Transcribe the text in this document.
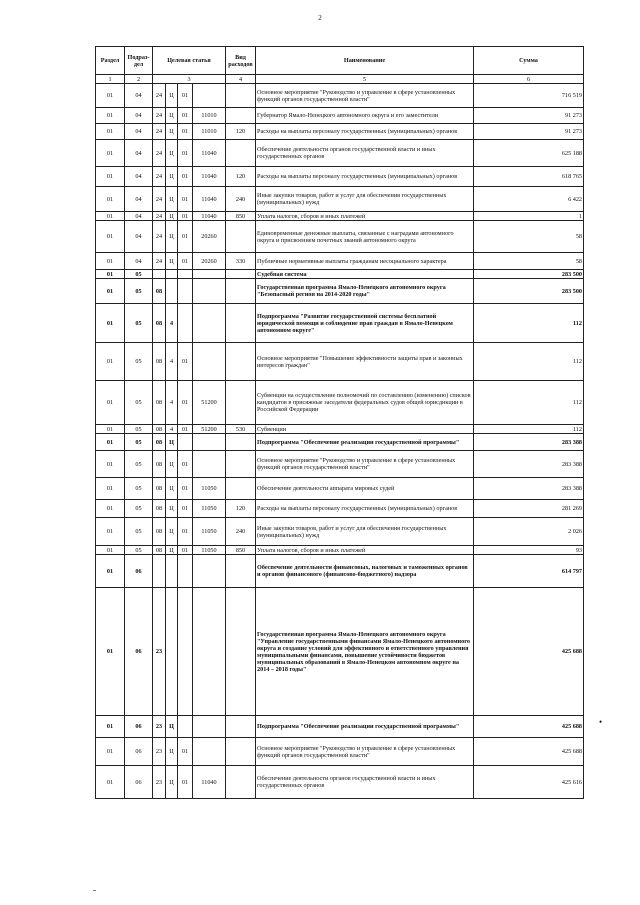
2
Раздел	Подраз-
дел	Целевая статья				Вид
расходов	Наименование	Сумма
1	2	3				4	5	6
01	04	24	Ц	01			Основное мероприятие "Руководство и управление в сфере установленных функций органов государственной власти"	716 519
01	04	24	Ц	01	11010		Губернатор Ямало-Ненецкого автономного округа и его заместители	91 273
01	04	24	Ц	01	11010	120	Расходы на выплаты персоналу государственных (муниципальных) органов	91 273
01	04	24	Ц	01	11040		Обеспечение деятельности органов государственной власти и иных государственных органов	625 188
01	04	24	Ц	01	11040	120	Расходы на выплаты персоналу государственных (муниципальных) органов	618 765
01	04	24	Ц	01	11040	240	Иные закупки товаров, работ и услуг для обеспечения государственных (муниципальных) нужд	6 422
01	04	24	Ц	01	11040	850	Уплата налогов, сборов и иных платежей	1
01	04	24	Ц	01	20260		Единовременные денежные выплаты, связанные с наградами автономного округа и присвоением почетных званий автономного округа	58
01	04	24	Ц	01	20260	330	Публичные нормативные выплаты гражданам несоциального характера	58
01	05						Судебная система	283 500
01	05	08					Государственная программа Ямало-Ненецкого автономного округа "Безопасный регион на 2014-2020 годы"	283 500
01	05	08	4				Подпрограмма "Развитие государственной системы бесплатной юридической помощи и соблюдение прав граждан в Ямало-Ненецком автономном округе"	112
01	05	08	4	01			Основное мероприятие "Повышение эффективности защиты прав и законных интересов граждан"	112
01	05	08	4	01	51200		Субвенции на осуществление полномочий по составлению (изменению) списков кандидатов в присяжные заседатели федеральных судов общей юрисдикции в Российской Федерации	112
01	05	08	4	01	51200	530	Субвенции	112
01	05	08	Ц				Подпрограмма "Обеспечение реализации государственной программы"	283 388
01	05	08	Ц	01			Основное мероприятие "Руководство и управление в сфере установленных функций органов государственной власти"	283 388
01	05	08	Ц	01	11050		Обеспечение деятельности аппарата мировых судей	283 388
01	05	08	Ц	01	11050	120	Расходы на выплаты персоналу государственных (муниципальных) органов	281 269
01	05	08	Ц	01	11050	240	Иные закупки товаров, работ и услуг для обеспечения государственных (муниципальных) нужд	2 026
01	05	08	Ц	01	11050	850	Уплата налогов, сборов и иных платежей	93
01	06						Обеспечение деятельности финансовых, налоговых и таможенных органов и органов финансового (финансово-бюджетного) надзора	614 797
01	06	23					Государственная программа Ямало-Ненецкого автономного округа "Управление государственными финансами Ямало-Ненецкого автономного округа и создание условий для эффективного и ответственного управления муниципальными финансами, повышение устойчивости бюджетов муниципальных образований в Ямало-Ненецком автономном округе на 2014 – 2018 годы"	425 688
01	06	23	Ц				Подпрограмма "Обеспечение реализации государственной программы"	425 688
01	06	23	Ц	01			Основное мероприятие "Руководство и управление в сфере установленных функций органов государственной власти"	425 688
01	06	23	Ц	01	11040		Обеспечение деятельности органов государственной власти и иных государственных органов	425 616
•
